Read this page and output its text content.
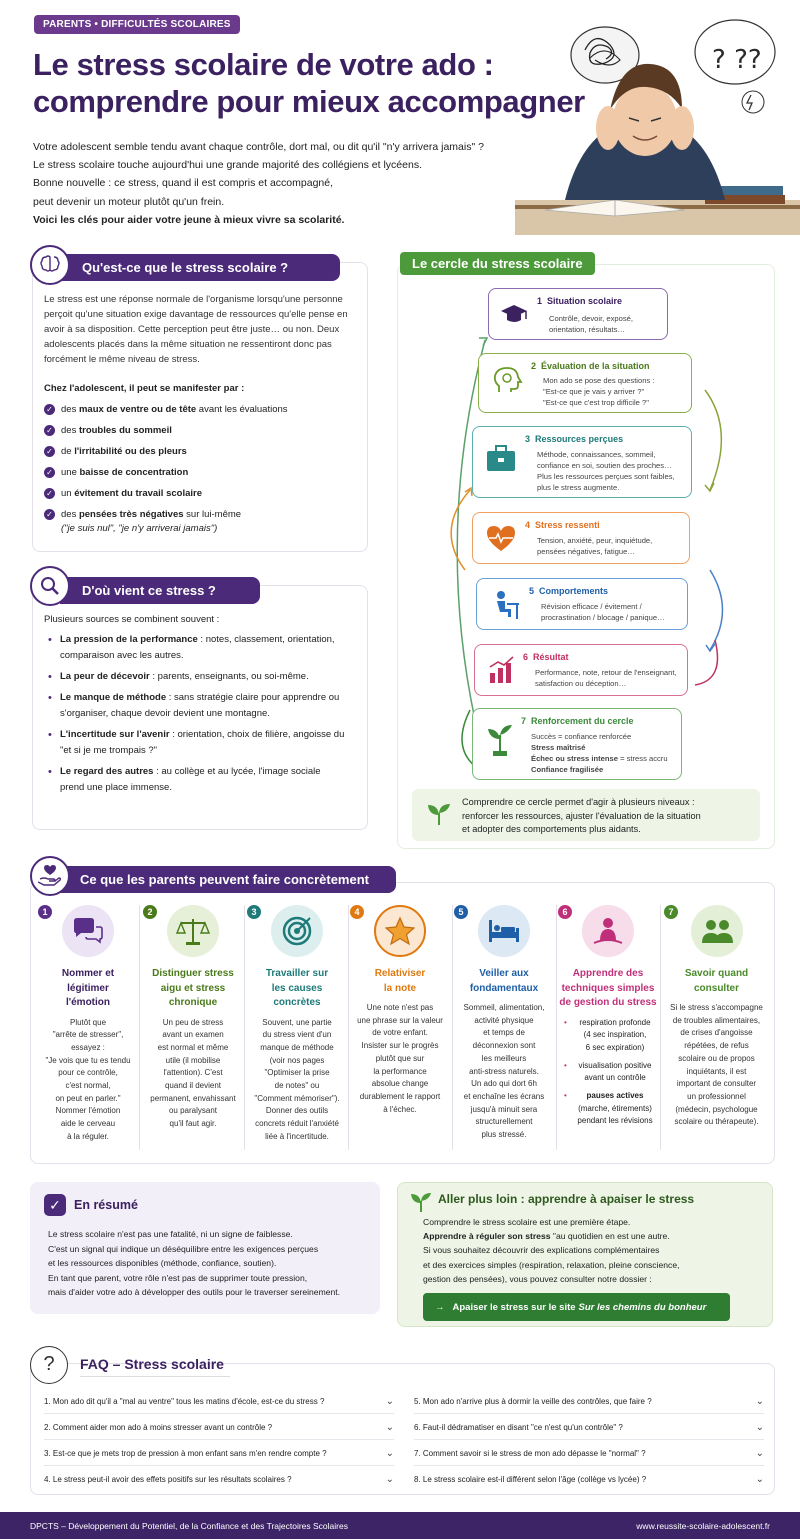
PARENTS • DIFFICULTÉS SCOLAIRES
Le stress scolaire de votre ado :
comprendre pour mieux accompagner

Votre adolescent semble tendu avant chaque contrôle, dort mal, ou dit qu'il "n'y arrivera jamais" ?

Le stress scolaire touche aujourd'hui une grande majorité des collégiens et lycéens.

Bonne nouvelle : ce stress, quand il est compris et accompagné,

peut devenir un moteur plutôt qu'un frein.

Voici les clés pour aider votre jeune à mieux vivre sa scolarité.

? ??
Qu'est-ce que le stress scolaire ?
Le stress est une réponse normale de l'organisme lorsqu'une personne perçoit qu'une situation exige davantage de ressources qu'elle pense en avoir à sa disposition. Cette perception peut être juste… ou non. Deux adolescents placés dans la même situation ne ressentiront donc pas forcément le même niveau de stress.
Chez l'adolescent, il peut se manifester par :
✓ des maux de ventre ou de tête avant les évaluations
✓ des troubles du sommeil
✓ de l'irritabilité ou des pleurs
✓ une baisse de concentration
✓ un évitement du travail scolaire
✓ des pensées très négatives sur lui-même
("je suis nul", "je n'y arriverai jamais")
D'où vient ce stress ?
Plusieurs sources se combinent souvent :
• La pression de la performance : notes, classement, orientation, comparaison avec les autres.
• La peur de décevoir : parents, enseignants, ou soi-même.
• Le manque de méthode : sans stratégie claire pour apprendre ou s'organiser, chaque devoir devient une montagne.
• L'incertitude sur l'avenir : orientation, choix de filière, angoisse du "et si je me trompais ?"
• Le regard des autres : au collège et au lycée, l'image sociale prend une place immense.
Le cercle du stress scolaire
1 Situation scolaire
Contrôle, devoir, exposé,
orientation, résultats…
2 Évaluation de la situation
Mon ado se pose des questions :
"Est-ce que je vais y arriver ?"
"Est-ce que c'est trop difficile ?"
3 Ressources perçues
Méthode, connaissances, sommeil,
confiance en soi, soutien des proches…
Plus les ressources perçues sont faibles,
plus le stress augmente.
4 Stress ressenti
Tension, anxiété, peur, inquiétude,
pensées négatives, fatigue…
5 Comportements
Révision efficace / évitement /
procrastination / blocage / panique…
6 Résultat
Performance, note, retour de l'enseignant,
satisfaction ou déception…
7 Renforcement du cercle
Succès = confiance renforcée
Stress maîtrisé
Échec ou stress intense = stress accru
Confiance fragilisée
Comprendre ce cercle permet d'agir à plusieurs niveaux :
renforcer les ressources, ajuster l'évaluation de la situation
et adopter des comportements plus aidants.
Ce que les parents peuvent faire concrètement
1
Nommer et
légitimer
l'émotion
Plutôt que
"arrête de stresser",
essayez :
"Je vois que tu es tendu
pour ce contrôle,
c'est normal,
on peut en parler."
Nommer l'émotion
aide le cerveau
à la réguler.
2
Distinguer stress
aigu et stress
chronique
Un peu de stress
avant un examen
est normal et même
utile (il mobilise
l'attention). C'est
quand il devient
permanent, envahissant
ou paralysant
qu'il faut agir.
3
Travailler sur
les causes
concrètes
Souvent, une partie
du stress vient d'un
manque de méthode
(voir nos pages
"Optimiser la prise
de notes" ou
"Comment mémoriser").
Donner des outils
concrets réduit l'anxiété
liée à l'incertitude.
4
Relativiser
la note
Une note n'est pas
une phrase sur la valeur
de votre enfant.
Insister sur le progrès
plutôt que sur
la performance
absolue change
durablement le rapport
à l'échec.
5
Veiller aux
fondamentaux
Sommeil, alimentation,
activité physique
et temps de
déconnexion sont
les meilleurs
anti-stress naturels.
Un ado qui dort 6h
et enchaîne les écrans
jusqu'à minuit sera
structurellement
plus stressé.
6
Apprendre des
techniques simples
de gestion du stress
• respiration profonde
(4 sec inspiration,
6 sec expiration)
• visualisation positive
avant un contrôle
• pauses actives
(marche, étirements)
pendant les révisions
7
Savoir quand
consulter
Si le stress s'accompagne
de troubles alimentaires,
de crises d'angoisse
répétées, de refus
scolaire ou de propos
inquiétants, il est
important de consulter
un professionnel
(médecin, psychologue
scolaire ou thérapeute).
✓	En résumé
Le stress scolaire n'est pas une fatalité, ni un signe de faiblesse.
C'est un signal qui indique un déséquilibre entre les exigences perçues
et les ressources disponibles (méthode, confiance, soutien).
En tant que parent, votre rôle n'est pas de supprimer toute pression,
mais d'aider votre ado à développer des outils pour le traverser sereinement.
Aller plus loin : apprendre à apaiser le stress
Comprendre le stress scolaire est une première étape.
Apprendre à réguler son stress "au quotidien en est une autre.
Si vous souhaitez découvrir des explications complémentaires
et des exercices simples (respiration, relaxation, pleine conscience,
gestion des pensées), vous pouvez consulter notre dossier :
→ Apaiser le stress sur le site Sur les chemins du bonheur
?	FAQ – Stress scolaire
1. Mon ado dit qu'il a "mal au ventre" tous les matins d'école, est-ce du stress ?	⌄
2. Comment aider mon ado à moins stresser avant un contrôle ?	⌄
3. Est-ce que je mets trop de pression à mon enfant sans m'en rendre compte ?	⌄
4. Le stress peut-il avoir des effets positifs sur les résultats scolaires ?	⌄
5. Mon ado n'arrive plus à dormir la veille des contrôles, que faire ?	⌄
6. Faut-il dédramatiser en disant "ce n'est qu'un contrôle" ?	⌄
7. Comment savoir si le stress de mon ado dépasse le "normal" ?	⌄
8. Le stress scolaire est-il différent selon l'âge (collège vs lycée) ?	⌄
DPCTS – Développement du Potentiel, de la Confiance et des Trajectoires Scolaires	www.reussite-scolaire-adolescent.fr
